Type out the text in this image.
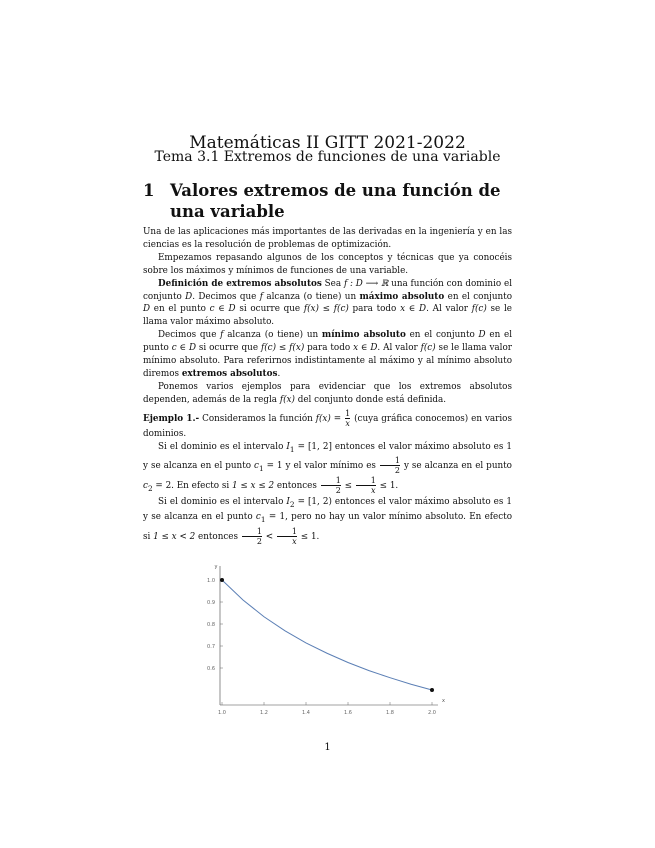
Matemáticas II GITT 2021-2022
Tema 3.1 Extremos de funciones de una variable
1 Valores extremos de una función de una variable

Una de las aplicaciones más importantes de las derivadas en la ingeniería y en las ciencias es la resolución de problemas de optimización.

Empezamos repasando algunos de los conceptos y técnicas que ya conocéis sobre los máximos y mínimos de funciones de una variable.

Definición de extremos absolutos Sea f : D ⟶ ℝ una función con dominio el conjunto D. Decimos que f alcanza (o tiene) un máximo absoluto en el conjunto D en el punto c ∈ D si ocurre que f(x) ≤ f(c) para todo x ∈ D. Al valor f(c) se le llama valor máximo absoluto.

Decimos que f alcanza (o tiene) un mínimo absoluto en el conjunto D en el punto c ∈ D si ocurre que f(c) ≤ f(x) para todo x ∈ D. Al valor f(c) se le llama valor mínimo absoluto. Para referirnos indistintamente al máximo y al mínimo absoluto diremos extremos absolutos.

Ponemos varios ejemplos para evidenciar que los extremos absolutos dependen, además de la regla f(x) del conjunto donde está definida.

Ejemplo 1.- Consideramos la función $f(x) = \frac{1}{x}$ (cuya gráfica conocemos) en varios dominios.

Si el dominio es el intervalo $I_1 = [1$, 2] entonces el valor máximo absoluto es 1 y se alcanza en el punto $c_1 = 1$ y el valor mínimo es $\frac{1}{2}$ y se alcanza en el punto $c_2 = 2$. En efecto si 1 ≤ x ≤ 2 entonces $\frac{1}{2} \le \frac{1}{x} \le 1$.

Si el dominio es el intervalo $I_2 = [1$, 2) entonces el valor máximo absoluto es 1 y se alcanza en el punto $c_1 = 1$, pero no hay un valor mínimo absoluto. En efecto si 1 ≤ x < 2 entonces $\frac{1}{2} < \frac{1}{x} \le 1$.

y
x
1.0	1.2	1.4	1.6	1.8	2.0
1.0
0.9
0.8
0.7
0.6
1
